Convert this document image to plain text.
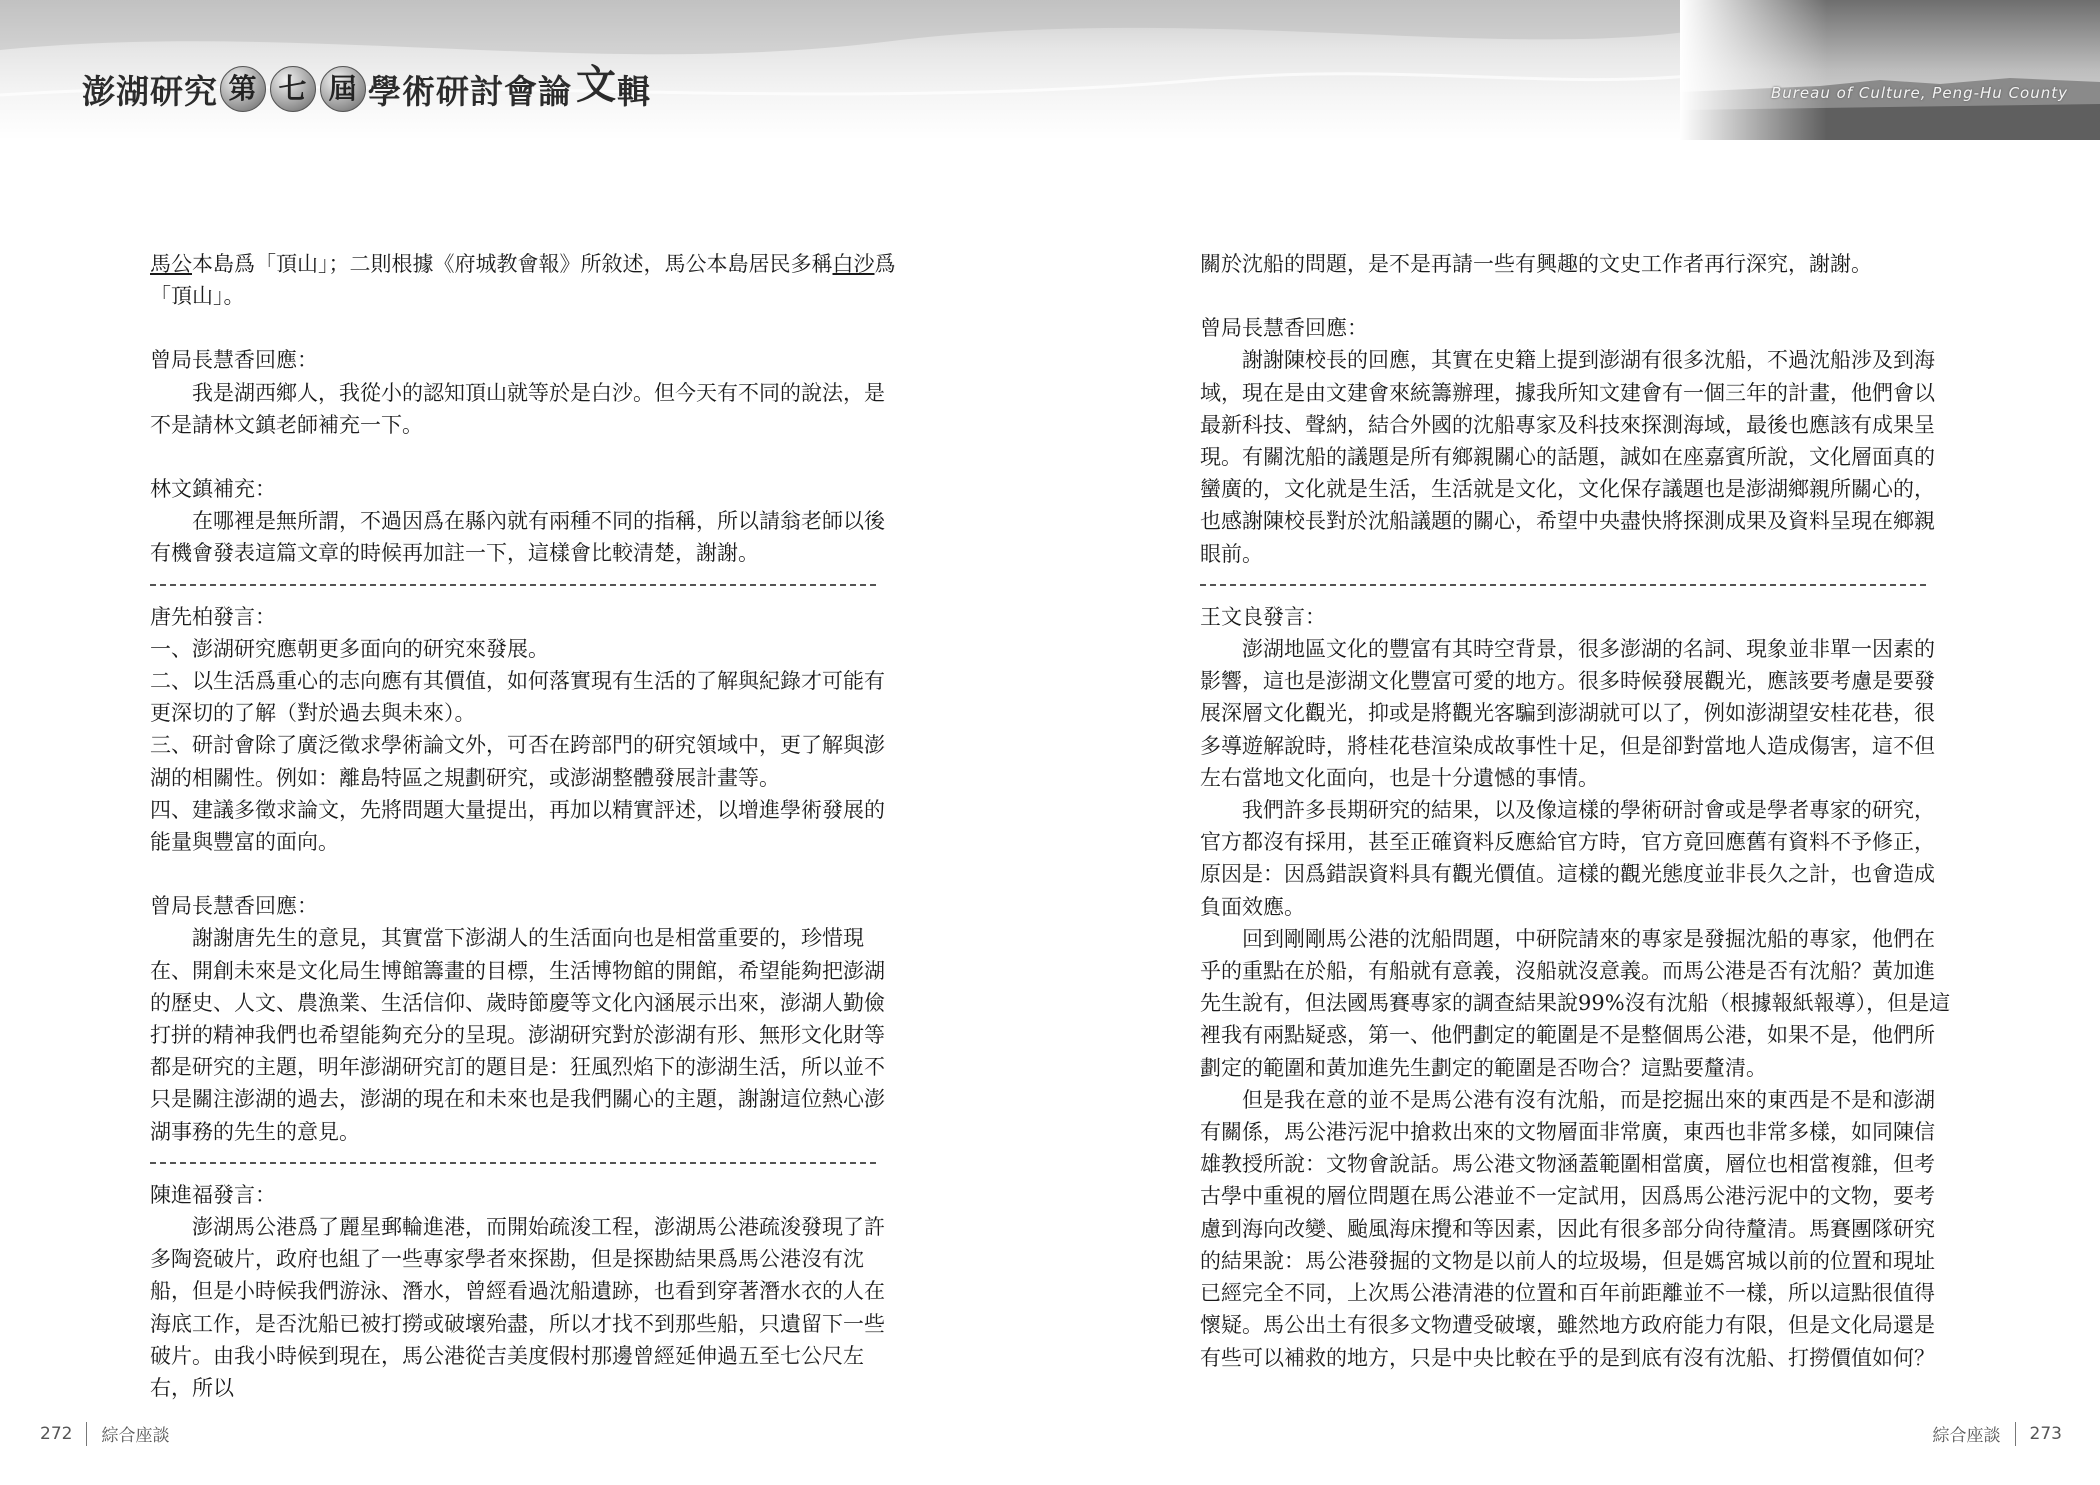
澎湖研究 第 七 屆 學術研討會 論 文 輯	Bureau of Culture, Peng-Hu County

馬公本島爲「頂山」；二則根據《府城教會報》所敘述，馬公本島居民多稱白沙爲

「頂山」。

曾局長慧香回應：

我是湖西鄉人，我從小的認知頂山就等於是白沙。但今天有不同的說法，是不是請林文鎮老師補充一下。

林文鎮補充：

在哪裡是無所謂，不過因爲在縣內就有兩種不同的指稱，所以請翁老師以後有機會發表這篇文章的時候再加註一下，這樣會比較清楚，謝謝。

唐先柏發言：

一、澎湖研究應朝更多面向的研究來發展。

二、以生活爲重心的志向應有其價值，如何落實現有生活的了解與紀錄才可能有更深切的了解（對於過去與未來）。

三、研討會除了廣泛徵求學術論文外，可否在跨部門的研究領域中，更了解與澎湖的相關性。例如：離島特區之規劃研究，或澎湖整體發展計畫等。

四、建議多徵求論文，先將問題大量提出，再加以精實評述，以增進學術發展的能量與豐富的面向。

曾局長慧香回應：

謝謝唐先生的意見，其實當下澎湖人的生活面向也是相當重要的，珍惜現在、開創未來是文化局生博館籌畫的目標，生活博物館的開館，希望能夠把澎湖的歷史、人文、農漁業、生活信仰、歲時節慶等文化內涵展示出來，澎湖人勤儉打拼的精神我們也希望能夠充分的呈現。澎湖研究對於澎湖有形、無形文化財等都是研究的主題，明年澎湖研究訂的題目是：狂風烈焰下的澎湖生活，所以並不只是關注澎湖的過去，澎湖的現在和未來也是我們關心的主題，謝謝這位熱心澎湖事務的先生的意見。

陳進福發言：

澎湖馬公港爲了麗星郵輪進港，而開始疏浚工程，澎湖馬公港疏浚發現了許多陶瓷破片，政府也組了一些專家學者來探勘，但是探勘結果爲馬公港沒有沈船，但是小時候我們游泳、潛水，曾經看過沈船遺跡，也看到穿著潛水衣的人在海底工作，是否沈船已被打撈或破壞殆盡，所以才找不到那些船，只遺留下一些破片。由我小時候到現在，馬公港從吉美度假村那邊曾經延伸過五至七公尺左右，所以

關於沈船的問題，是不是再請一些有興趣的文史工作者再行深究，謝謝。

曾局長慧香回應：

謝謝陳校長的回應，其實在史籍上提到澎湖有很多沈船，不過沈船涉及到海域，現在是由文建會來統籌辦理，據我所知文建會有一個三年的計畫，他們會以最新科技、聲納，結合外國的沈船專家及科技來探測海域，最後也應該有成果呈現。有關沈船的議題是所有鄉親關心的話題，誠如在座嘉賓所說，文化層面真的蠻廣的，文化就是生活，生活就是文化，文化保存議題也是澎湖鄉親所關心的，也感謝陳校長對於沈船議題的關心，希望中央盡快將探測成果及資料呈現在鄉親眼前。

王文良發言：

澎湖地區文化的豐富有其時空背景，很多澎湖的名詞、現象並非單一因素的影響，這也是澎湖文化豐富可愛的地方。很多時候發展觀光，應該要考慮是要發展深層文化觀光，抑或是將觀光客騙到澎湖就可以了，例如澎湖望安桂花巷，很多導遊解說時，將桂花巷渲染成故事性十足，但是卻對當地人造成傷害，這不但左右當地文化面向，也是十分遺憾的事情。

我們許多長期研究的結果，以及像這樣的學術研討會或是學者專家的研究，官方都沒有採用，甚至正確資料反應給官方時，官方竟回應舊有資料不予修正，原因是：因爲錯誤資料具有觀光價值。這樣的觀光態度並非長久之計，也會造成負面效應。

回到剛剛馬公港的沈船問題，中研院請來的專家是發掘沈船的專家，他們在乎的重點在於船，有船就有意義，沒船就沒意義。而馬公港是否有沈船？黃加進先生說有，但法國馬賽專家的調查結果說99%沒有沈船（根據報紙報導），但是這裡我有兩點疑惑，第一、他們劃定的範圍是不是整個馬公港，如果不是，他們所劃定的範圍和黃加進先生劃定的範圍是否吻合？這點要釐清。

但是我在意的並不是馬公港有沒有沈船，而是挖掘出來的東西是不是和澎湖有關係，馬公港污泥中搶救出來的文物層面非常廣，東西也非常多樣，如同陳信雄教授所說：文物會說話。馬公港文物涵蓋範圍相當廣，層位也相當複雜，但考古學中重視的層位問題在馬公港並不一定試用，因爲馬公港污泥中的文物，要考慮到海向改變、颱風海床攪和等因素，因此有很多部分尙待釐清。馬賽團隊研究的結果說：馬公港發掘的文物是以前人的垃圾場，但是媽宮城以前的位置和現址已經完全不同，上次馬公港清港的位置和百年前距離並不一樣，所以這點很值得懷疑。馬公出土有很多文物遭受破壞，雖然地方政府能力有限，但是文化局還是有些可以補救的地方，只是中央比較在乎的是到底有沒有沈船、打撈價值如何？

272 綜合座談	綜合座談 273
